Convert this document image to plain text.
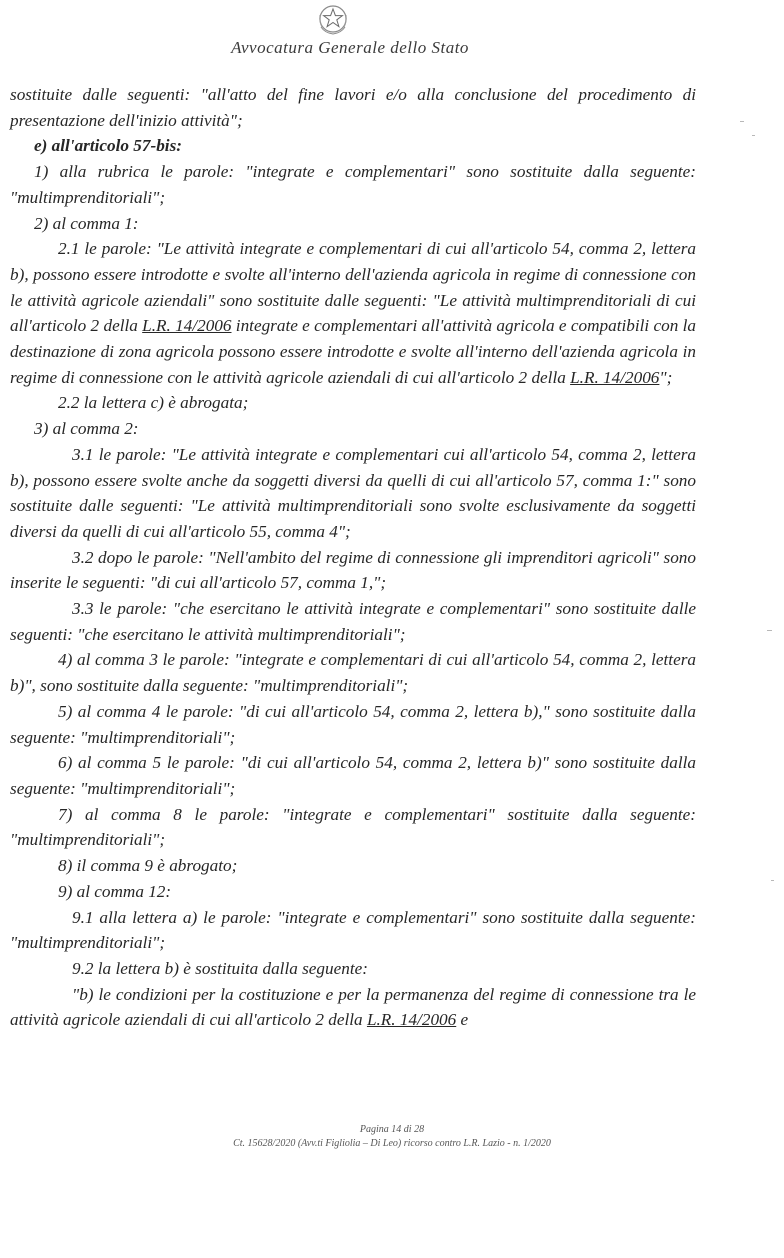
Avvocatura Generale dello Stato

sostituite dalle seguenti: "all'atto del fine lavori e/o alla conclusione del procedimento di presentazione dell'inizio attività";

e) all'articolo 57-bis:

1) alla rubrica le parole: "integrate e complementari" sono sostituite dalla seguente: "multimprenditoriali";

2) al comma 1:

2.1 le parole: "Le attività integrate e complementari di cui all'articolo 54, comma 2, lettera b), possono essere introdotte e svolte all'interno dell'azienda agricola in regime di connessione con le attività agricole aziendali" sono sostituite dalle seguenti: "Le attività multimprenditoriali di cui all'articolo 2 della L.R. 14/2006 integrate e complementari all'attività agricola e compatibili con la destinazione di zona agricola possono essere introdotte e svolte all'interno dell'azienda agricola in regime di connessione con le attività agricole aziendali di cui all'articolo 2 della L.R. 14/2006";

2.2 la lettera c) è abrogata;

3) al comma 2:

3.1 le parole: "Le attività integrate e complementari cui all'articolo 54, comma 2, lettera b), possono essere svolte anche da soggetti diversi da quelli di cui all'articolo 57, comma 1:" sono sostituite dalle seguenti: "Le attività multimprenditoriali sono svolte esclusivamente da soggetti diversi da quelli di cui all'articolo 55, comma 4";

3.2 dopo le parole: "Nell'ambito del regime di connessione gli imprenditori agricoli" sono inserite le seguenti: "di cui all'articolo 57, comma 1,";

3.3 le parole: "che esercitano le attività integrate e complementari" sono sostituite dalle seguenti: "che esercitano le attività multimprenditoriali";

4) al comma 3 le parole: "integrate e complementari di cui all'articolo 54, comma 2, lettera b)", sono sostituite dalla seguente: "multimprenditoriali";

5) al comma 4 le parole: "di cui all'articolo 54, comma 2, lettera b)," sono sostituite dalla seguente: "multimprenditoriali";

6) al comma 5 le parole: "di cui all'articolo 54, comma 2, lettera b)" sono sostituite dalla seguente: "multimprenditoriali";

7) al comma 8 le parole: "integrate e complementari" sostituite dalla seguente: "multimprenditoriali";

8) il comma 9 è abrogato;

9) al comma 12:

9.1 alla lettera a) le parole: "integrate e complementari" sono sostituite dalla seguente: "multimprenditoriali";

9.2 la lettera b) è sostituita dalla seguente:

"b) le condizioni per la costituzione e per la permanenza del regime di connessione tra le attività agricole aziendali di cui all'articolo 2 della L.R. 14/2006 e

Pagina 14 di 28
Ct. 15628/2020 (Avv.ti Figliolia – Di Leo) ricorso contro L.R. Lazio - n. 1/2020
